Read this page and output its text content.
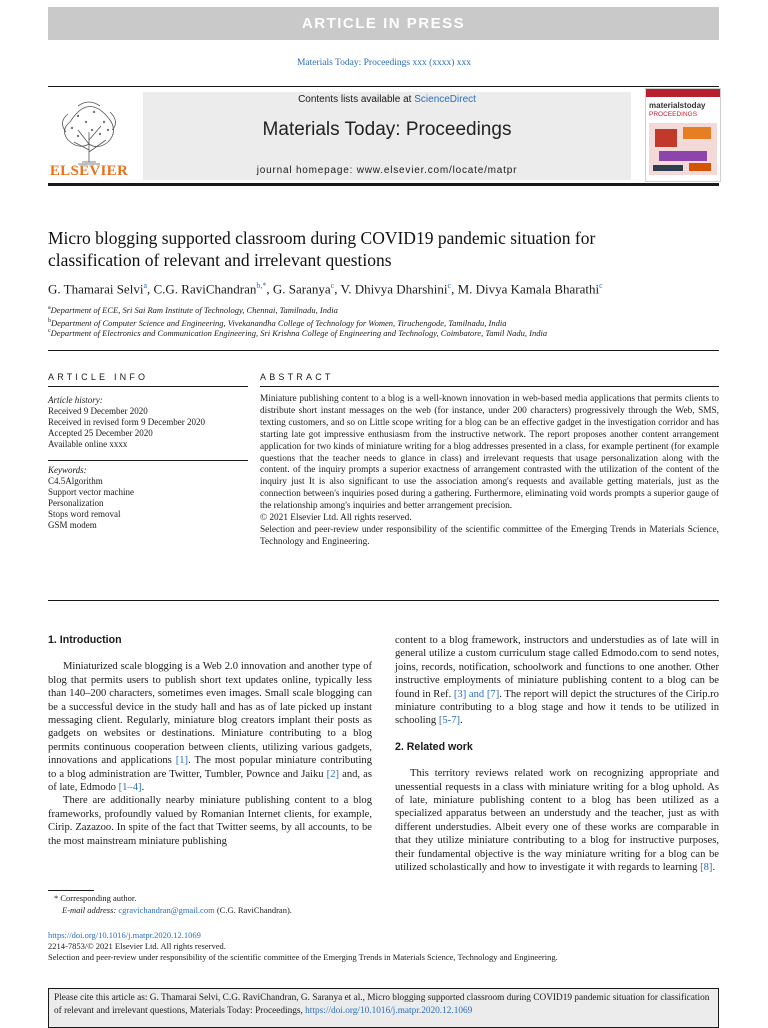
ARTICLE IN PRESS
Materials Today: Proceedings xxx (xxxx) xxx
ELSEVIER
Contents lists available at ScienceDirect
Materials Today: Proceedings
journal homepage: www.elsevier.com/locate/matpr
materialstoday
PROCEEDINGS
Micro blogging supported classroom during COVID19 pandemic situation for classification of relevant and irrelevant questions
G. Thamarai Selvi$^a$, C.G. RaviChandran$^{b,*}$, G. Saranya$^c$, V. Dhivya Dharshini$^c$, M. Divya Kamala Bharathi$^c$
$^a$Department of ECE, Sri Sai Ram Institute of Technology, Chennai, Tamilnadu, India
$^b$Department of Computer Science and Engineering, Vivekanandha College of Technology for Women, Tiruchengode, Tamilnadu, India
$^c$Department of Electronics and Communication Engineering, Sri Krishna College of Engineering and Technology, Coimbatore, Tamil Nadu, India
ARTICLE INFO
Article history:
Received 9 December 2020
Received in revised form 9 December 2020
Accepted 25 December 2020
Available online xxxx
Keywords:
C4.5Algorithm
Support vector machine
Personalization
Stops word removal
GSM modem
ABSTRACT
Miniature publishing content to a blog is a well-known innovation in web-based media applications that permits clients to distribute short instant messages on the web (for instance, under 200 characters) progressively through the Web, SMS, texting customers, and so on Little scope writing for a blog can be an effective gadget in the investigation corridor and has starting late got impressive enthusiasm from the instructive network. The report proposes another content arrangement application for two kinds of miniature writing for a blog addresses presented in a class, for example pertinent (for example questions that the teacher needs to glance in class) and irrelevant requests that usage personalization along with the content. of the inquiry prompts a superior exactness of arrangement contrasted with the utilization of the content of the inquiry just It is also significant to use the association among's requests and available getting materials, just as the connection between's inquiries posed during a gathering. Furthermore, eliminating void words prompts a superior gauge of the relationship among's inquiries and better arrangement precision.
© 2021 Elsevier Ltd. All rights reserved.
Selection and peer-review under responsibility of the scientific committee of the Emerging Trends in Materials Science, Technology and Engineering.
1. Introduction

Miniaturized scale blogging is a Web 2.0 innovation and another type of blog that permits users to publish short text updates online, typically less than 140–200 characters, sometimes even images. Small scale blogging can be a successful device in the study hall and has as of late picked up instant messaging client. Regularly, miniature blog creators implant their posts as gadgets on websites or destinations. Miniature contributing to a blog permits continuous cooperation between clients, utilizing various gadgets, innovations and applications [1]. The most popular miniature contributing to a blog administration are Twitter, Tumbler, Pownce and Jaiku [2] and, as of late, Edmodo [1–4].

There are additionally nearby miniature publishing content to a blog frameworks, profoundly valued by Romanian Internet clients, for example, Cirip. Zazazoo. In spite of the fact that Twitter seems, by all accounts, to be the most mainstream miniature publishing

content to a blog framework, instructors and understudies as of late will in general utilize a custom curriculum stage called Edmodo.com to send notes, joins, records, notification, schoolwork and functions to one another. Other instructive employments of miniature publishing content to a blog can be found in Ref. [3] and [7]. The report will depict the structures of the Cirip.ro miniature contributing to a blog stage and how it tends to be utilized in schooling [5-7].

2. Related work

This territory reviews related work on recognizing appropriate and unessential requests in a class with miniature writing for a blog uphold. As of late, miniature publishing content to a blog has been utilized as a specialized apparatus between an understudy and the teacher, just as with different understudies. Albeit every one of these works are comparable in that they utilize miniature contributing to a blog for instructive purposes, their fundamental objective is the way miniature writing for a blog can be utilized scholastically and how to investigate it with regards to learning [8].

* Corresponding author.
E-mail address: cgravichandran@gmail.com (C.G. RaviChandran).
https://doi.org/10.1016/j.matpr.2020.12.1069
2214-7853/© 2021 Elsevier Ltd. All rights reserved.
Selection and peer-review under responsibility of the scientific committee of the Emerging Trends in Materials Science, Technology and Engineering.
Please cite this article as: G. Thamarai Selvi, C.G. RaviChandran, G. Saranya et al., Micro blogging supported classroom during COVID19 pandemic situation for classification of relevant and irrelevant questions, Materials Today: Proceedings, https://doi.org/10.1016/j.matpr.2020.12.1069
